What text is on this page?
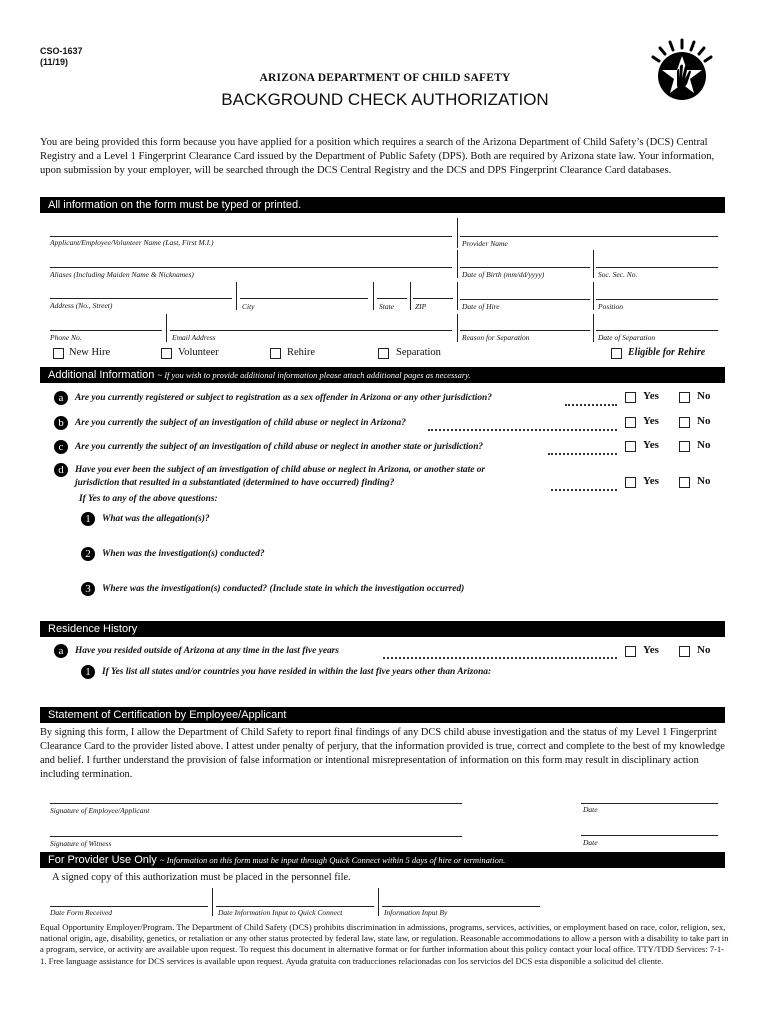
CSO-1637
(11/19)
ARIZONA DEPARTMENT OF CHILD SAFETY
BACKGROUND CHECK AUTHORIZATION
You are being provided this form because you have applied for a position which requires a search of the Arizona Department of Child Safety’s (DCS) Central Registry and a Level 1 Fingerprint Clearance Card issued by the Department of Public Safety (DPS). Both are required by Arizona state law. Your information, upon submission by your employer, will be searched through the DCS Central Registry and the DCS and DPS Fingerprint Clearance Card databases.
All information on the form must be typed or printed.
Applicant/Employee/Volunteer Name (Last, First M.I.)	Provider Name
Aliases (Including Maiden Name & Nicknames)	Date of Birth (mm/dd/yyyy)	Soc. Sec. No.
Address (No., Street)	City	State	ZIP	Date of Hire	Position
Phone No.	Email Address	Reason for Separation	Date of Separation
New Hire	Volunteer	Rehire	Separation	Eligible for Rehire
Additional Information ~ If you wish to provide additional information please attach additional pages as necessary.
a	Are you currently registered or subject to registration as a sex offender in Arizona or any other jurisdiction?	Yes	No
b	Are you currently the subject of an investigation of child abuse or neglect in Arizona?	Yes	No
c	Are you currently the subject of an investigation of child abuse or neglect in another state or jurisdiction?	Yes	No
d	Have you ever been the subject of an investigation of child abuse or neglect in Arizona, or another state or
jurisdiction that resulted in a substantiated (determined to have occurred) finding?	Yes	No
If Yes to any of the above questions:
1	What was the allegation(s)?
2	When was the investigation(s) conducted?
3	Where was the investigation(s) conducted? (Include state in which the investigation occurred)
Residence History
a	Have you resided outside of Arizona at any time in the last five years	Yes	No
1	If Yes list all states and/or countries you have resided in within the last five years other than Arizona:
Statement of Certification by Employee/Applicant
By signing this form, I allow the Department of Child Safety to report final findings of any DCS child abuse investigation and the status of my Level 1 Fingerprint Clearance Card to the provider listed above. I attest under penalty of perjury, that the information provided is true, correct and complete to the best of my knowledge and belief. I further understand the provision of false information or intentional misrepresentation of information on this form may result in disciplinary action including termination.
Signature of Employee/Applicant	Date
Signature of Witness	Date
For Provider Use Only ~ Information on this form must be input through Quick Connect within 5 days of hire or termination.
A signed copy of this authorization must be placed in the personnel file.
Date Form Received	Date Information Input to Quick Connect	Information Input By
Equal Opportunity Employer/Program. The Department of Child Safety (DCS) prohibits discrimination in admissions, programs, services, activities, or employment based on race, color, religion, sex, national origin, age, disability, genetics, or retaliation or any other status protected by federal law, state law, or regulation. Reasonable accommodations to allow a person with a disability to take part in a program, service, or activity are available upon request. To request this document in alternative format or for further information about this policy contact your local office. TTY/TDD Services: 7-1-1. Free language assistance for DCS services is available upon request. Ayuda gratuita con traducciones relacionadas con los servicios del DCS esta disponible a solicitud del cliente.
